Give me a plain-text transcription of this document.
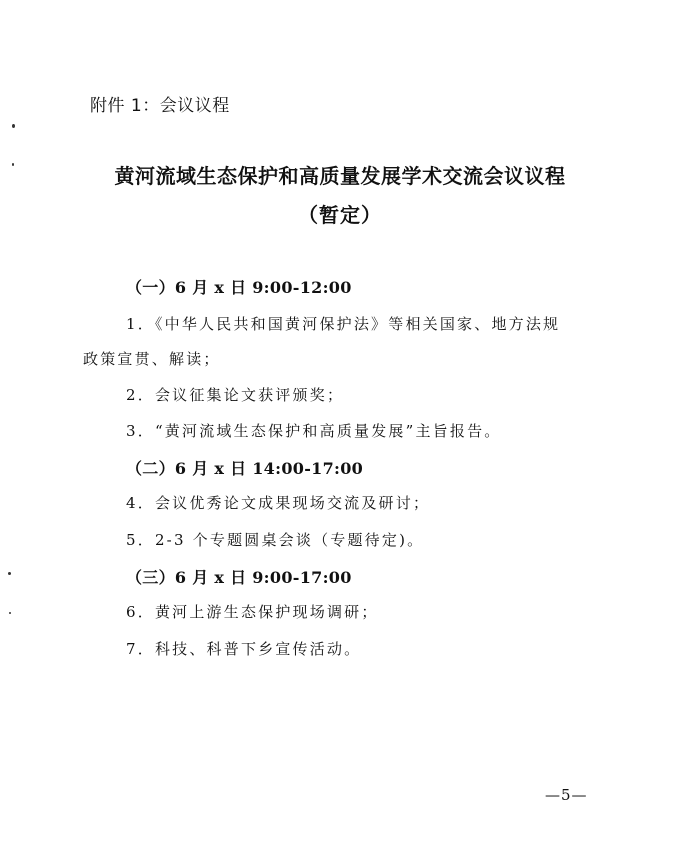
附件 1：会议议程
黄河流域生态保护和高质量发展学术交流会议议程
（暂定）
（一）6 月 x 日 9:00-12:00
1．《中华人民共和国黄河保护法》等相关国家、地方法规
政策宣贯、解读；
2．会议征集论文获评颁奖；
3．“黄河流域生态保护和高质量发展”主旨报告。
（二）6 月 x 日 14:00-17:00
4．会议优秀论文成果现场交流及研讨；
5．2-3 个专题圆桌会谈（专题待定)。
（三）6 月 x 日 9:00-17:00
6．黄河上游生态保护现场调研；
7．科技、科普下乡宣传活动。
—5—
